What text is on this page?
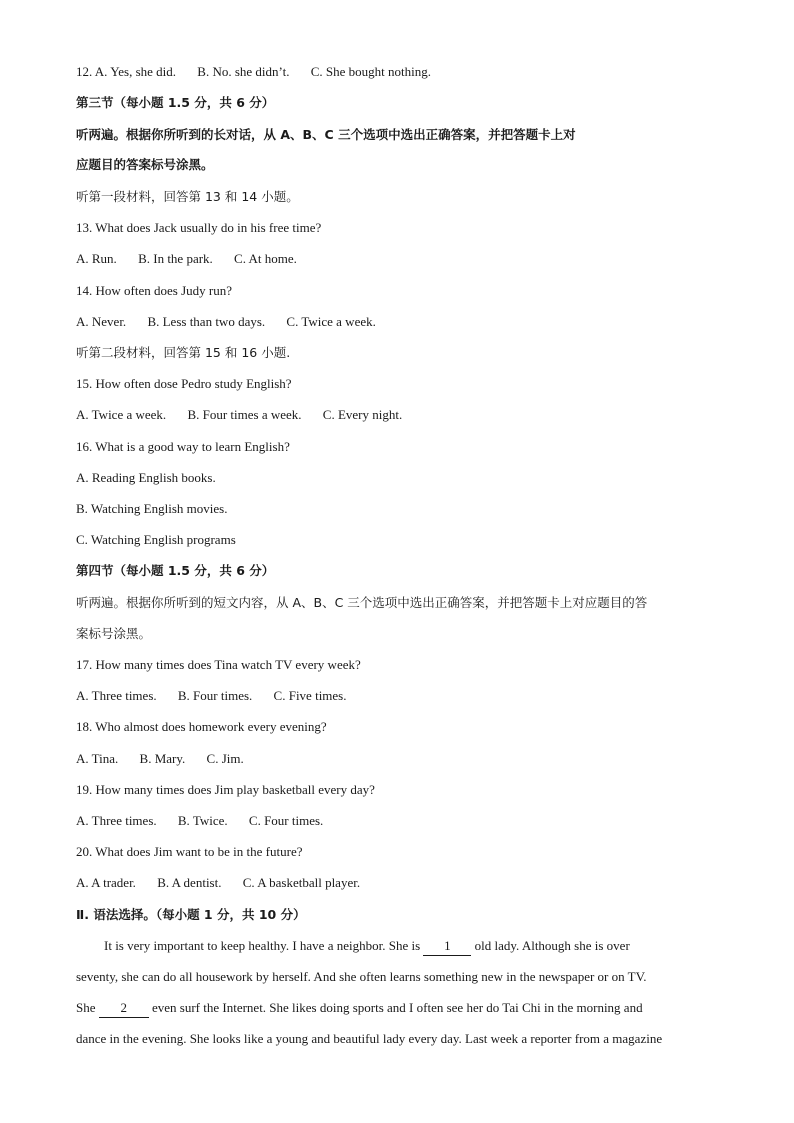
12. A. Yes, she did. B. No. she didn’t. C. She bought nothing.
第三节（每小题 1.5 分，共 6 分）
听两遍。根据你所听到的长对话，从 A、B、C 三个选项中选出正确答案，并把答题卡上对
应题目的答案标号涂黑。
听第一段材料，回答第 13 和 14 小题。
13. What does Jack usually do in his free time?
A. Run. B. In the park. C. At home.
14. How often does Judy run?
A. Never. B. Less than two days. C. Twice a week.
听第二段材料，回答第 15 和 16 小题.
15. How often dose Pedro study English?
A. Twice a week. B. Four times a week. C. Every night.
16. What is a good way to learn English?
A. Reading English books.
B. Watching English movies.
C. Watching English programs
第四节（每小题 1.5 分，共 6 分）
听两遍。根据你所听到的短文内容，从 A、B、C 三个选项中选出正确答案，并把答题卡上对应题目的答
案标号涂黑。
17. How many times does Tina watch TV every week?
A. Three times. B. Four times. C. Five times.
18. Who almost does homework every evening?
A. Tina. B. Mary. C. Jim.
19. How many times does Jim play basketball every day?
A. Three times. B. Twice. C. Four times.
20. What does Jim want to be in the future?
A. A trader. B. A dentist. C. A basketball player.
Ⅱ. 语法选择。（每小题 1 分，共 10 分）
It is very important to keep healthy. I have a neighbor. She is 1 old lady. Although she is over
seventy, she can do all housework by herself. And she often learns something new in the newspaper or on TV.
She 2 even surf the Internet. She likes doing sports and I often see her do Tai Chi in the morning and
dance in the evening. She looks like a young and beautiful lady every day. Last week a reporter from a magazine
